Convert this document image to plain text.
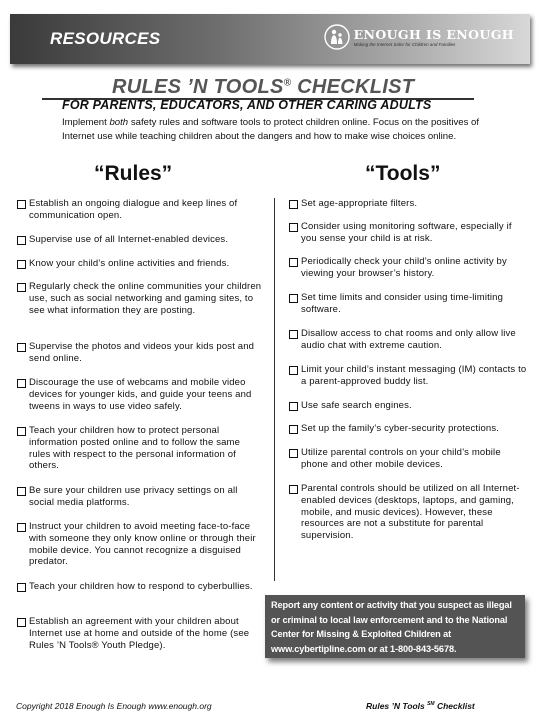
RESOURCES	ENOUGH IS ENOUGH
Making the Internet Safer for Children and Families
RULES ’N TOOLS® CHECKLIST
FOR PARENTS, EDUCATORS, AND OTHER CARING ADULTS
Implement both safety rules and software tools to protect children online. Focus on the positives of Internet use while teaching children about the dangers and how to make wise choices online.
“Rules”	“Tools”
Establish an ongoing dialogue and keep lines of communication open.
Supervise use of all Internet-enabled devices.
Know your child’s online activities and friends.
Regularly check the online communities your children use, such as social networking and gaming sites, to see what information they are posting.
Supervise the photos and videos your kids post and send online.
Discourage the use of webcams and mobile video devices for younger kids, and guide your teens and tweens in ways to use video safely.
Teach your children how to protect personal information posted online and to follow the same rules with respect to the personal information of others.
Be sure your children use privacy settings on all social media platforms.
Instruct your children to avoid meeting face-to-face with someone they only know online or through their mobile device. You cannot recognize a disguised predator.
Teach your children how to respond to cyberbullies.
Establish an agreement with your children about Internet use at home and outside of the home (see Rules ’N Tools® Youth Pledge).
Set age-appropriate filters.
Consider using monitoring software, especially if you sense your child is at risk.
Periodically check your child’s online activity by viewing your browser’s history.
Set time limits and consider using time-limiting software.
Disallow access to chat rooms and only allow live audio chat with extreme caution.
Limit your child’s instant messaging (IM) contacts to a parent-approved buddy list.
Use safe search engines.
Set up the family’s cyber-security protections.
Utilize parental controls on your child’s mobile phone and other mobile devices.
Parental controls should be utilized on all Internet-enabled devices (desktops, laptops, and gaming, mobile, and music devices). However, these resources are not a substitute for parental supervision.
Report any content or activity that you suspect as illegal or criminal to local law enforcement and to the National Center for Missing & Exploited Children at www.cybertipline.com or at 1-800-843-5678.
Copyright 2018 Enough Is Enough www.enough.org	Rules ’N Tools ℠ Checklist
